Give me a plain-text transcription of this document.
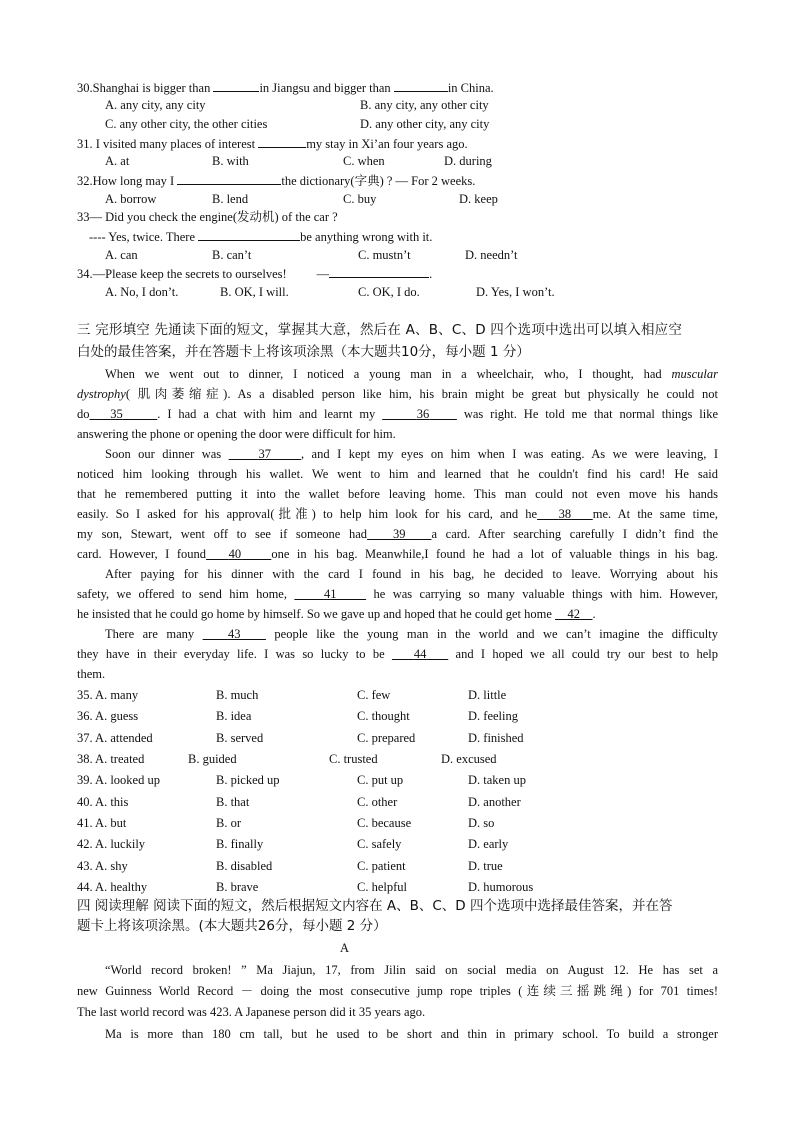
30.Shanghai is bigger than	in Jiangsu and bigger than	in China.
A. any city, any city	B. any city, any other city
C. any other city, the other cities	D. any other city, any city
31. I visited many places of interest	my stay in Xi’an four years ago.
A. at	B. with	C. when	D. during
32.How long may I	the dictionary(字典) ? — For 2 weeks.
A. borrow	B. lend	C. buy	D. keep
33— Did you check the engine(发动机) of the car ?
---- Yes, twice. There	be anything wrong with it.
A. can	B. can’t	C. mustn’t	D. needn’t
34.—Please keep the secrets to ourselves! —	.
A. No, I don’t.	B. OK, I will.	C. OK, I do.	D. Yes, I won’t.
三 完形填空 先通读下面的短文，掌握其大意，然后在 A、B、C、D 四个选项中选出可以填入相应空
白处的最佳答案，并在答题卡上将该项涂黑（本大题共10分，每小题 1 分）
When we went out to dinner, I noticed a young man in a wheelchair, who, I thought, had muscular
dystrophy( 肌肉萎缩症). As a disabled person like him, his brain might be great but physically he could not
do 35	. I had a chat with him and learnt my	36     was right. He told me that normal things like
answering the phone or opening the door were difficult for him.
Soon our dinner was     37 , and I kept my eyes on him when I was eating. As we were leaving, I
noticed him looking through his wallet. We went to him and learned that he couldn't find his card! He said
that he remembered putting it into the wallet before leaving home. This man could not even move his hands
easily. So I asked for his approval(批准) to help him look for his card, and he 38 me. At the same time,
my son, Stewart, went off to see if someone had 39 a card. After searching carefully I didn’t find the
card. However, I found 40 one in his bag. Meanwhile,I found he had a lot of valuable things in his bag.
After paying for his dinner with the card I found in his bag, he decided to leave. Worrying about his
safety, we offered to send him home,     41     he was carrying so many valuable things with him. However,
he insisted that he could go home by himself. So we gave up and hoped that he could get home     42 .
There are many    43    people like the young man in the world and we can’t imagine the difficulty
they have in their everyday life. I was so lucky to be    44    and I hoped we all could try our best to help
them.
35. A. many	B. much	C. few	D. little
36. A. guess	B. idea	C. thought	D. feeling
37. A. attended	B. served	C. prepared	D. finished
38. A. treated	B. guided	C. trusted	D. excused
39. A. looked up	B. picked up	C. put up	D. taken up
40. A. this	B. that	C. other	D. another
41. A. but	B. or	C. because	D. so
42. A. luckily	B. finally	C. safely	D. early
43. A. shy	B. disabled	C. patient	D. true
44. A. healthy	B. brave	C. helpful	D. humorous
四 阅读理解 阅读下面的短文，然后根据短文内容在 A、B、C、D 四个选项中选择最佳答案，并在答
题卡上将该项涂黑。(本大题共26分，每小题 2 分）
A
“World record broken! ” Ma Jiajun, 17, from Jilin said on social media on August 12. He has set a
new Guinness World Record － doing the most consecutive jump rope triples (连续三摇跳绳) for 701 times!
The last world record was 423. A Japanese person did it 35 years ago.
Ma is more than 180 cm tall, but he used to be short and thin in primary school. To build a stronger
